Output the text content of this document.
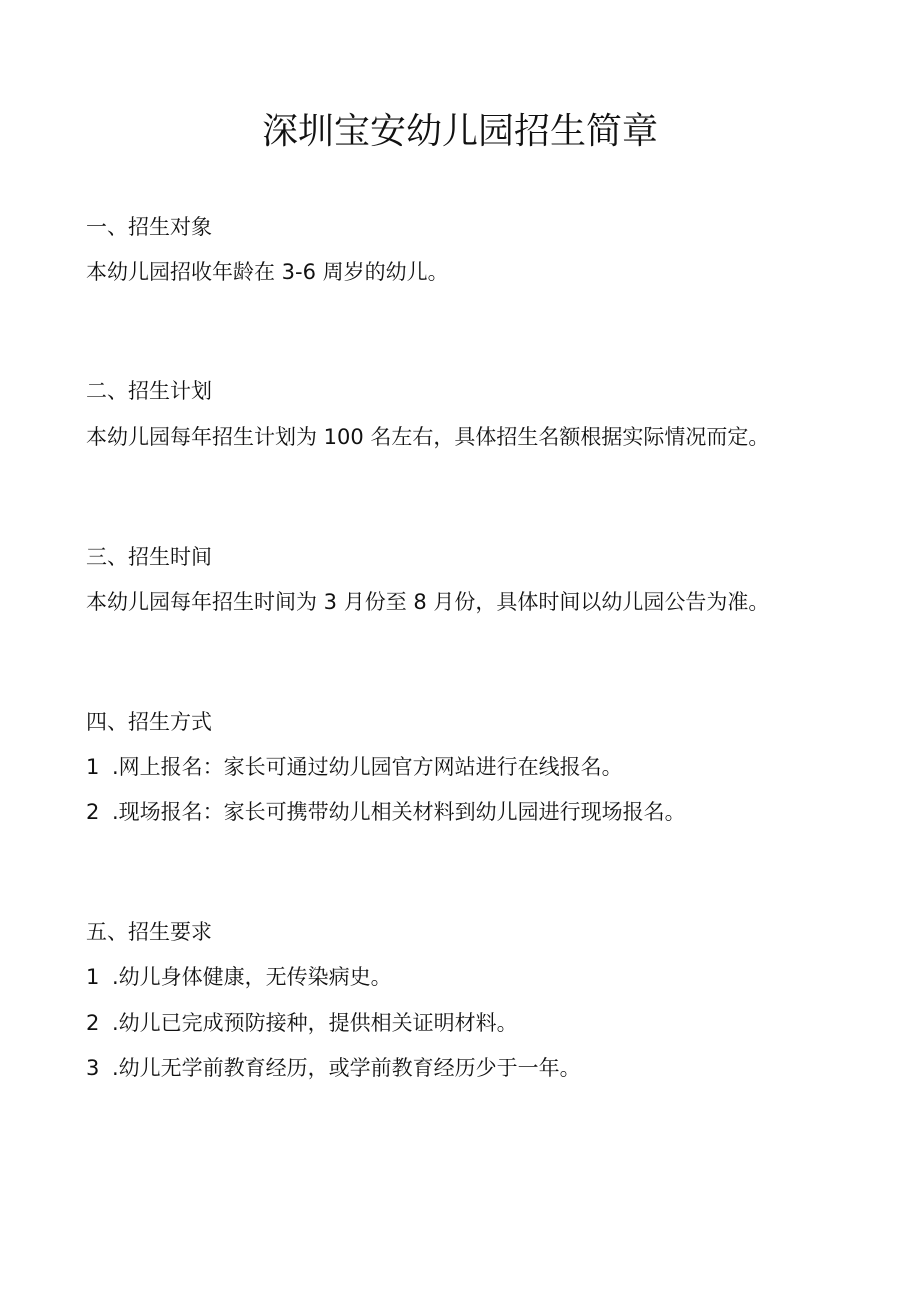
深圳宝安幼儿园招生简章

一、招生对象

本幼儿园招收年龄在 3-6 周岁的幼儿。

二、招生计划

本幼儿园每年招生计划为 100 名左右，具体招生名额根据实际情况而定。

三、招生时间

本幼儿园每年招生时间为 3 月份至 8 月份，具体时间以幼儿园公告为准。

四、招生方式

1 .网上报名：家长可通过幼儿园官方网站进行在线报名。

2 .现场报名：家长可携带幼儿相关材料到幼儿园进行现场报名。

五、招生要求

1 .幼儿身体健康，无传染病史。

2 .幼儿已完成预防接种，提供相关证明材料。

3 .幼儿无学前教育经历，或学前教育经历少于一年。
